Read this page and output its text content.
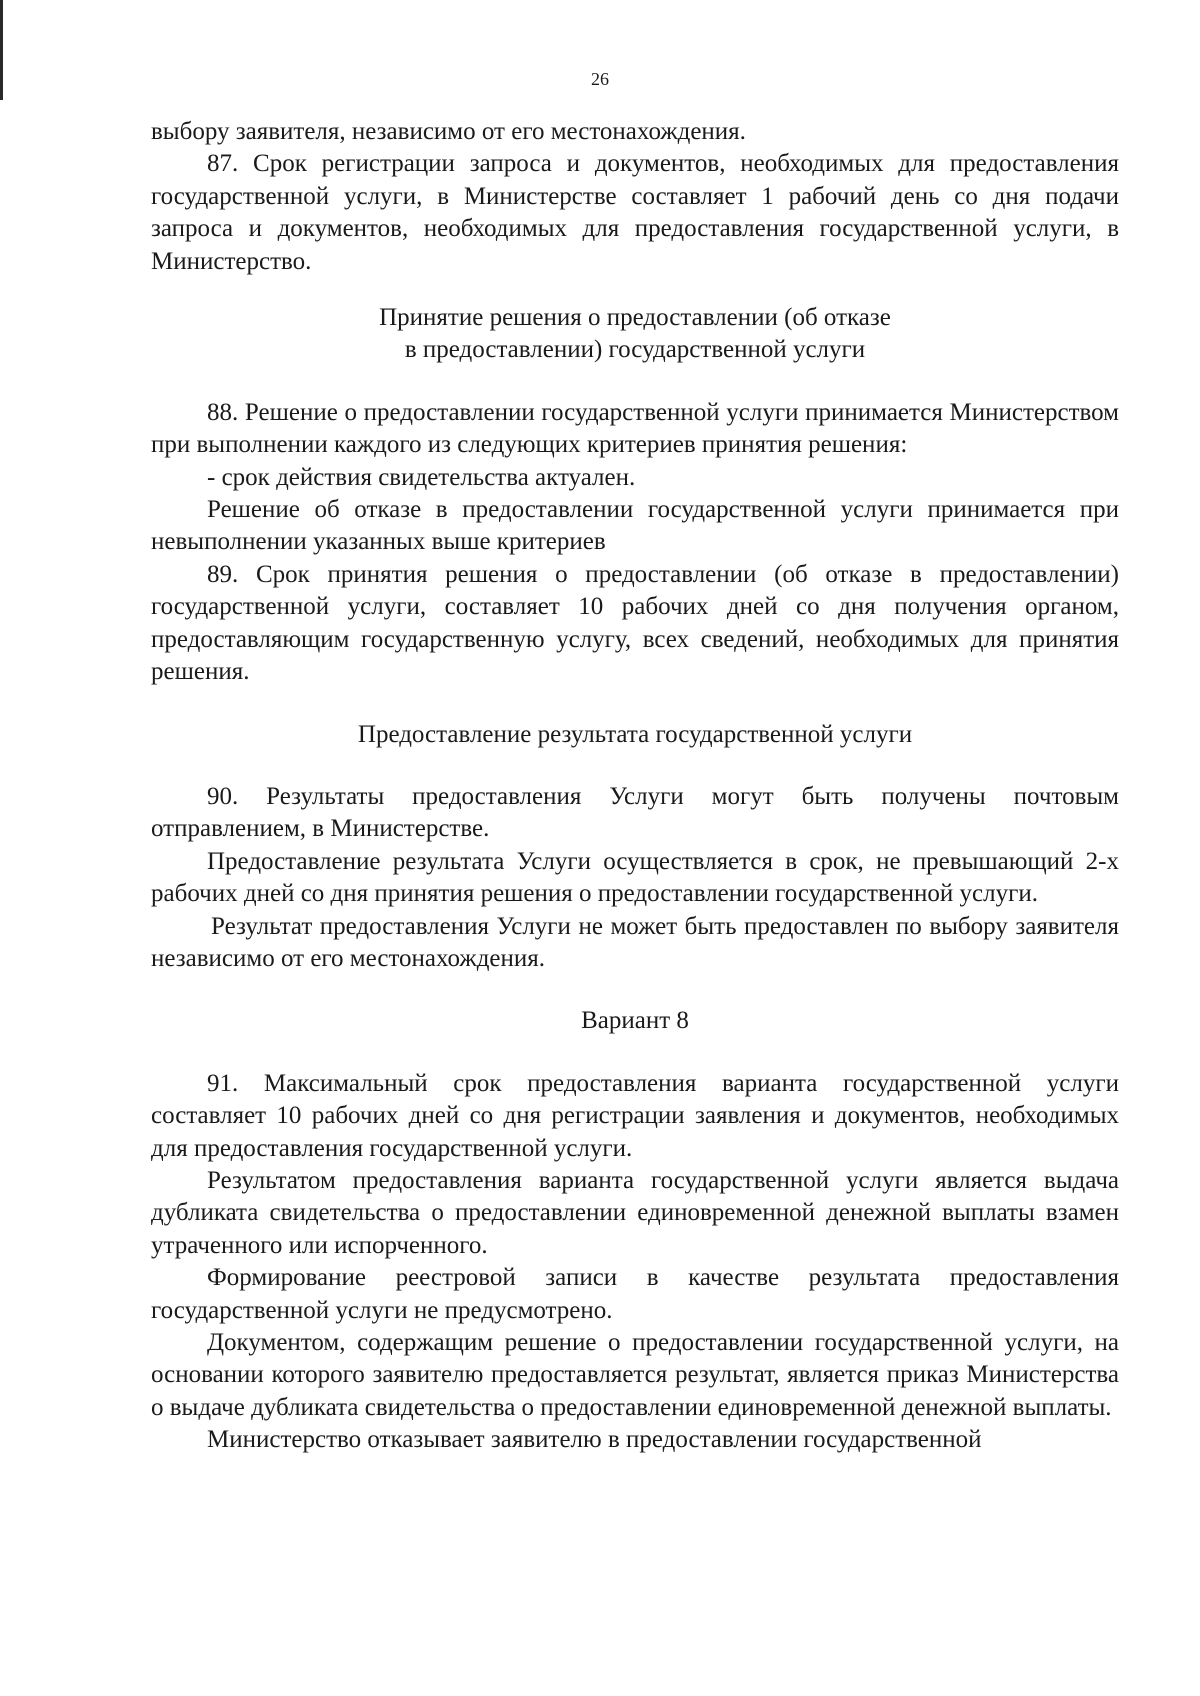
26

выбору заявителя, независимо от его местонахождения.

87. Срок регистрации запроса и документов, необходимых для предоставления государственной услуги, в Министерстве составляет 1 рабочий день со дня подачи запроса и документов, необходимых для предоставления государственной услуги, в Министерство.

Принятие решения о предоставлении (об отказе

в предоставлении) государственной услуги

88. Решение о предоставлении государственной услуги принимается Министерством при выполнении каждого из следующих критериев принятия решения:

- срок действия свидетельства актуален.

Решение об отказе в предоставлении государственной услуги принимается при невыполнении указанных выше критериев

89. Срок принятия решения о предоставлении (об отказе в предоставлении) государственной услуги, составляет 10 рабочих дней со дня получения органом, предоставляющим государственную услугу, всех сведений, необходимых для принятия решения.

Предоставление результата государственной услуги

90. Результаты предоставления Услуги могут быть получены почтовым отправлением, в Министерстве.

Предоставление результата Услуги осуществляется в срок, не превышающий 2-х рабочих дней со дня принятия решения о предоставлении государственной услуги.

Результат предоставления Услуги не может быть предоставлен по выбору заявителя независимо от его местонахождения.

Вариант 8

91. Максимальный срок предоставления варианта государственной услуги составляет 10 рабочих дней со дня регистрации заявления и документов, необходимых для предоставления государственной услуги.

Результатом предоставления варианта государственной услуги является выдача дубликата свидетельства о предоставлении единовременной денежной выплаты взамен утраченного или испорченного.

Формирование реестровой записи в качестве результата предоставления государственной услуги не предусмотрено.

Документом, содержащим решение о предоставлении государственной услуги, на основании которого заявителю предоставляется результат, является приказ Министерства о выдаче дубликата свидетельства о предоставлении единовременной денежной выплаты.

Министерство отказывает заявителю в предоставлении государственной
